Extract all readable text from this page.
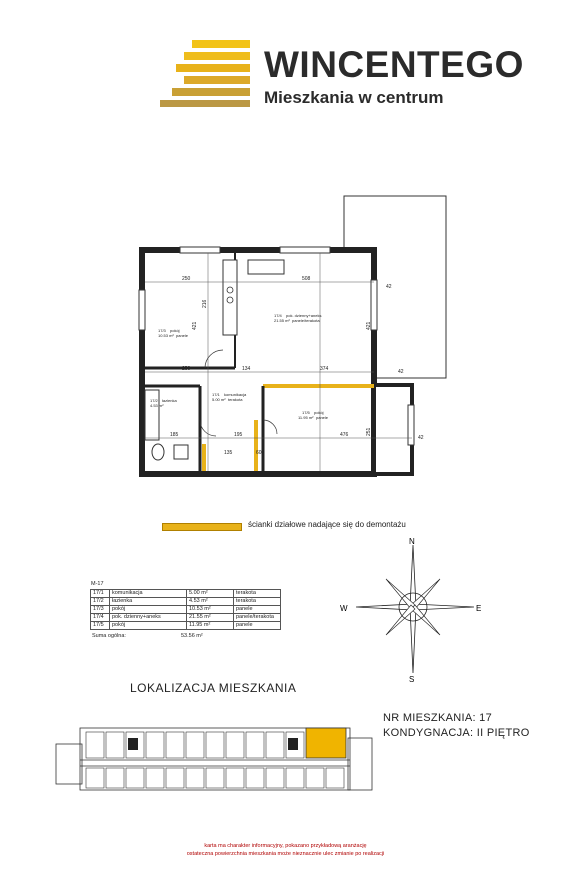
WINCENTEGO
Mieszkania w centrum
250	508
250	134	374
185	195	476
135	60
42
42
42
216
421	421
251
17/4 pok. dzienny+aneks
21.55 m² panele/terakota
17/3 pokój
10.53 m² panele
17/5 pokój
11.95 m² panele
17/2 łazienka
4.53 m²
17/1 komunikacja
5.00 m² terakota
ścianki działowe nadające się do demontażu
N
S
W	E
M-17
17/1	komunikacja	5.00 m²	terakota
17/2	łazienka	4.53 m²	terakota
17/3	pokój	10.53 m²	panele
17/4	pok. dzienny+aneks	21.55 m²	panele/terakota
17/5	pokój	11.95 m²	panele
Suma ogólna:	53.56 m²
LOKALIZACJA MIESZKANIA
NR MIESZKANIA: 17
KONDYGNACJA: II PIĘTRO
karta ma charakter informacyjny, pokazano przykładową aranżację
ostateczna powierzchnia mieszkania może nieznacznie ulec zmianie po realizacji
